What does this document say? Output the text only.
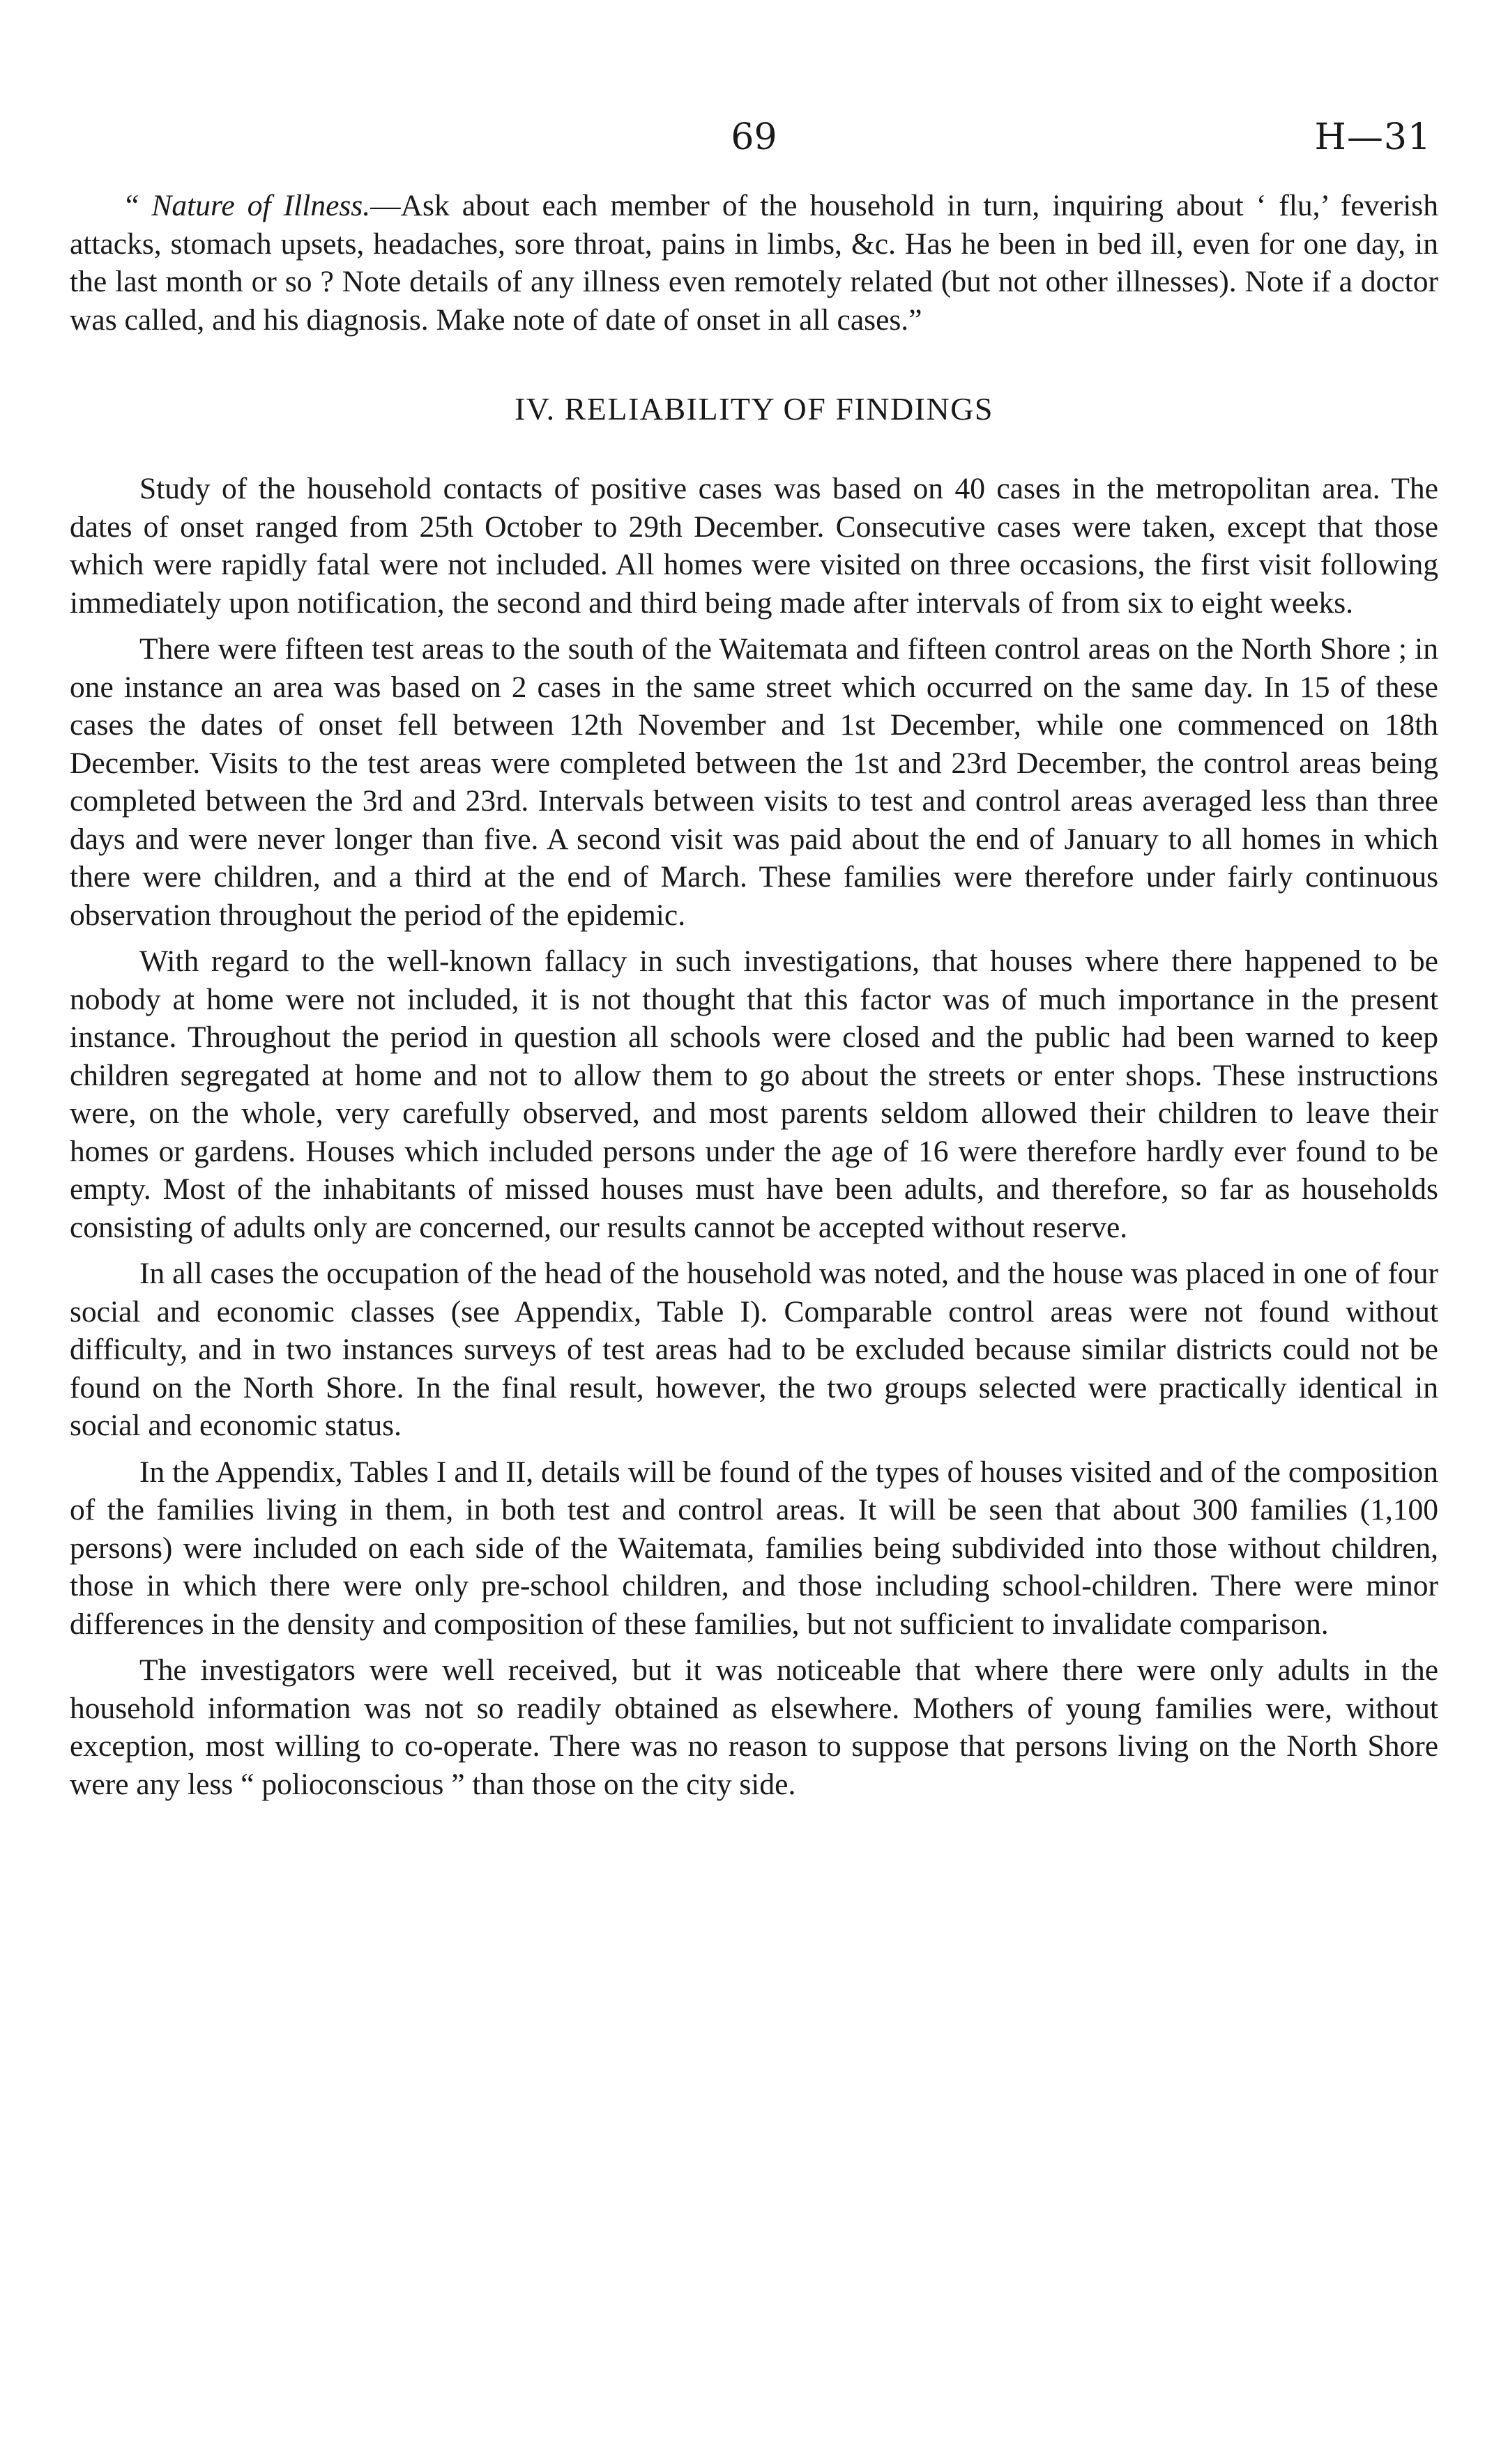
69	H—31

“ Nature of Illness.—Ask about each member of the household in turn, inquiring about ‘ flu,’ feverish attacks, stomach upsets, headaches, sore throat, pains in limbs, &c. Has he been in bed ill, even for one day, in the last month or so ? Note details of any illness even remotely related (but not other illnesses). Note if a doctor was called, and his diagnosis. Make note of date of onset in all cases.”

IV. RELIABILITY OF FINDINGS

Study of the household contacts of positive cases was based on 40 cases in the metropolitan area. The dates of onset ranged from 25th October to 29th December. Consecutive cases were taken, except that those which were rapidly fatal were not included. All homes were visited on three occasions, the first visit following immediately upon notification, the second and third being made after intervals of from six to eight weeks.

There were fifteen test areas to the south of the Waitemata and fifteen control areas on the North Shore ; in one instance an area was based on 2 cases in the same street which occurred on the same day. In 15 of these cases the dates of onset fell between 12th November and 1st December, while one commenced on 18th December. Visits to the test areas were completed between the 1st and 23rd December, the control areas being completed between the 3rd and 23rd. Intervals between visits to test and control areas averaged less than three days and were never longer than five. A second visit was paid about the end of January to all homes in which there were children, and a third at the end of March. These families were therefore under fairly continuous observation throughout the period of the epidemic.

With regard to the well-known fallacy in such investigations, that houses where there happened to be nobody at home were not included, it is not thought that this factor was of much importance in the present instance. Throughout the period in question all schools were closed and the public had been warned to keep children segregated at home and not to allow them to go about the streets or enter shops. These instructions were, on the whole, very carefully observed, and most parents seldom allowed their children to leave their homes or gardens. Houses which included persons under the age of 16 were therefore hardly ever found to be empty. Most of the inhabitants of missed houses must have been adults, and therefore, so far as households consisting of adults only are concerned, our results cannot be accepted without reserve.

In all cases the occupation of the head of the household was noted, and the house was placed in one of four social and economic classes (see Appendix, Table I). Comparable control areas were not found without difficulty, and in two instances surveys of test areas had to be excluded because similar districts could not be found on the North Shore. In the final result, however, the two groups selected were practically identical in social and economic status.

In the Appendix, Tables I and II, details will be found of the types of houses visited and of the composition of the families living in them, in both test and control areas. It will be seen that about 300 families (1,100 persons) were included on each side of the Waitemata, families being subdivided into those without children, those in which there were only pre-school children, and those including school-children. There were minor differences in the density and composition of these families, but not sufficient to invalidate comparison.

The investigators were well received, but it was noticeable that where there were only adults in the household information was not so readily obtained as elsewhere. Mothers of young families were, without exception, most willing to co-operate. There was no reason to suppose that persons living on the North Shore were any less “ polioconscious ” than those on the city side.
